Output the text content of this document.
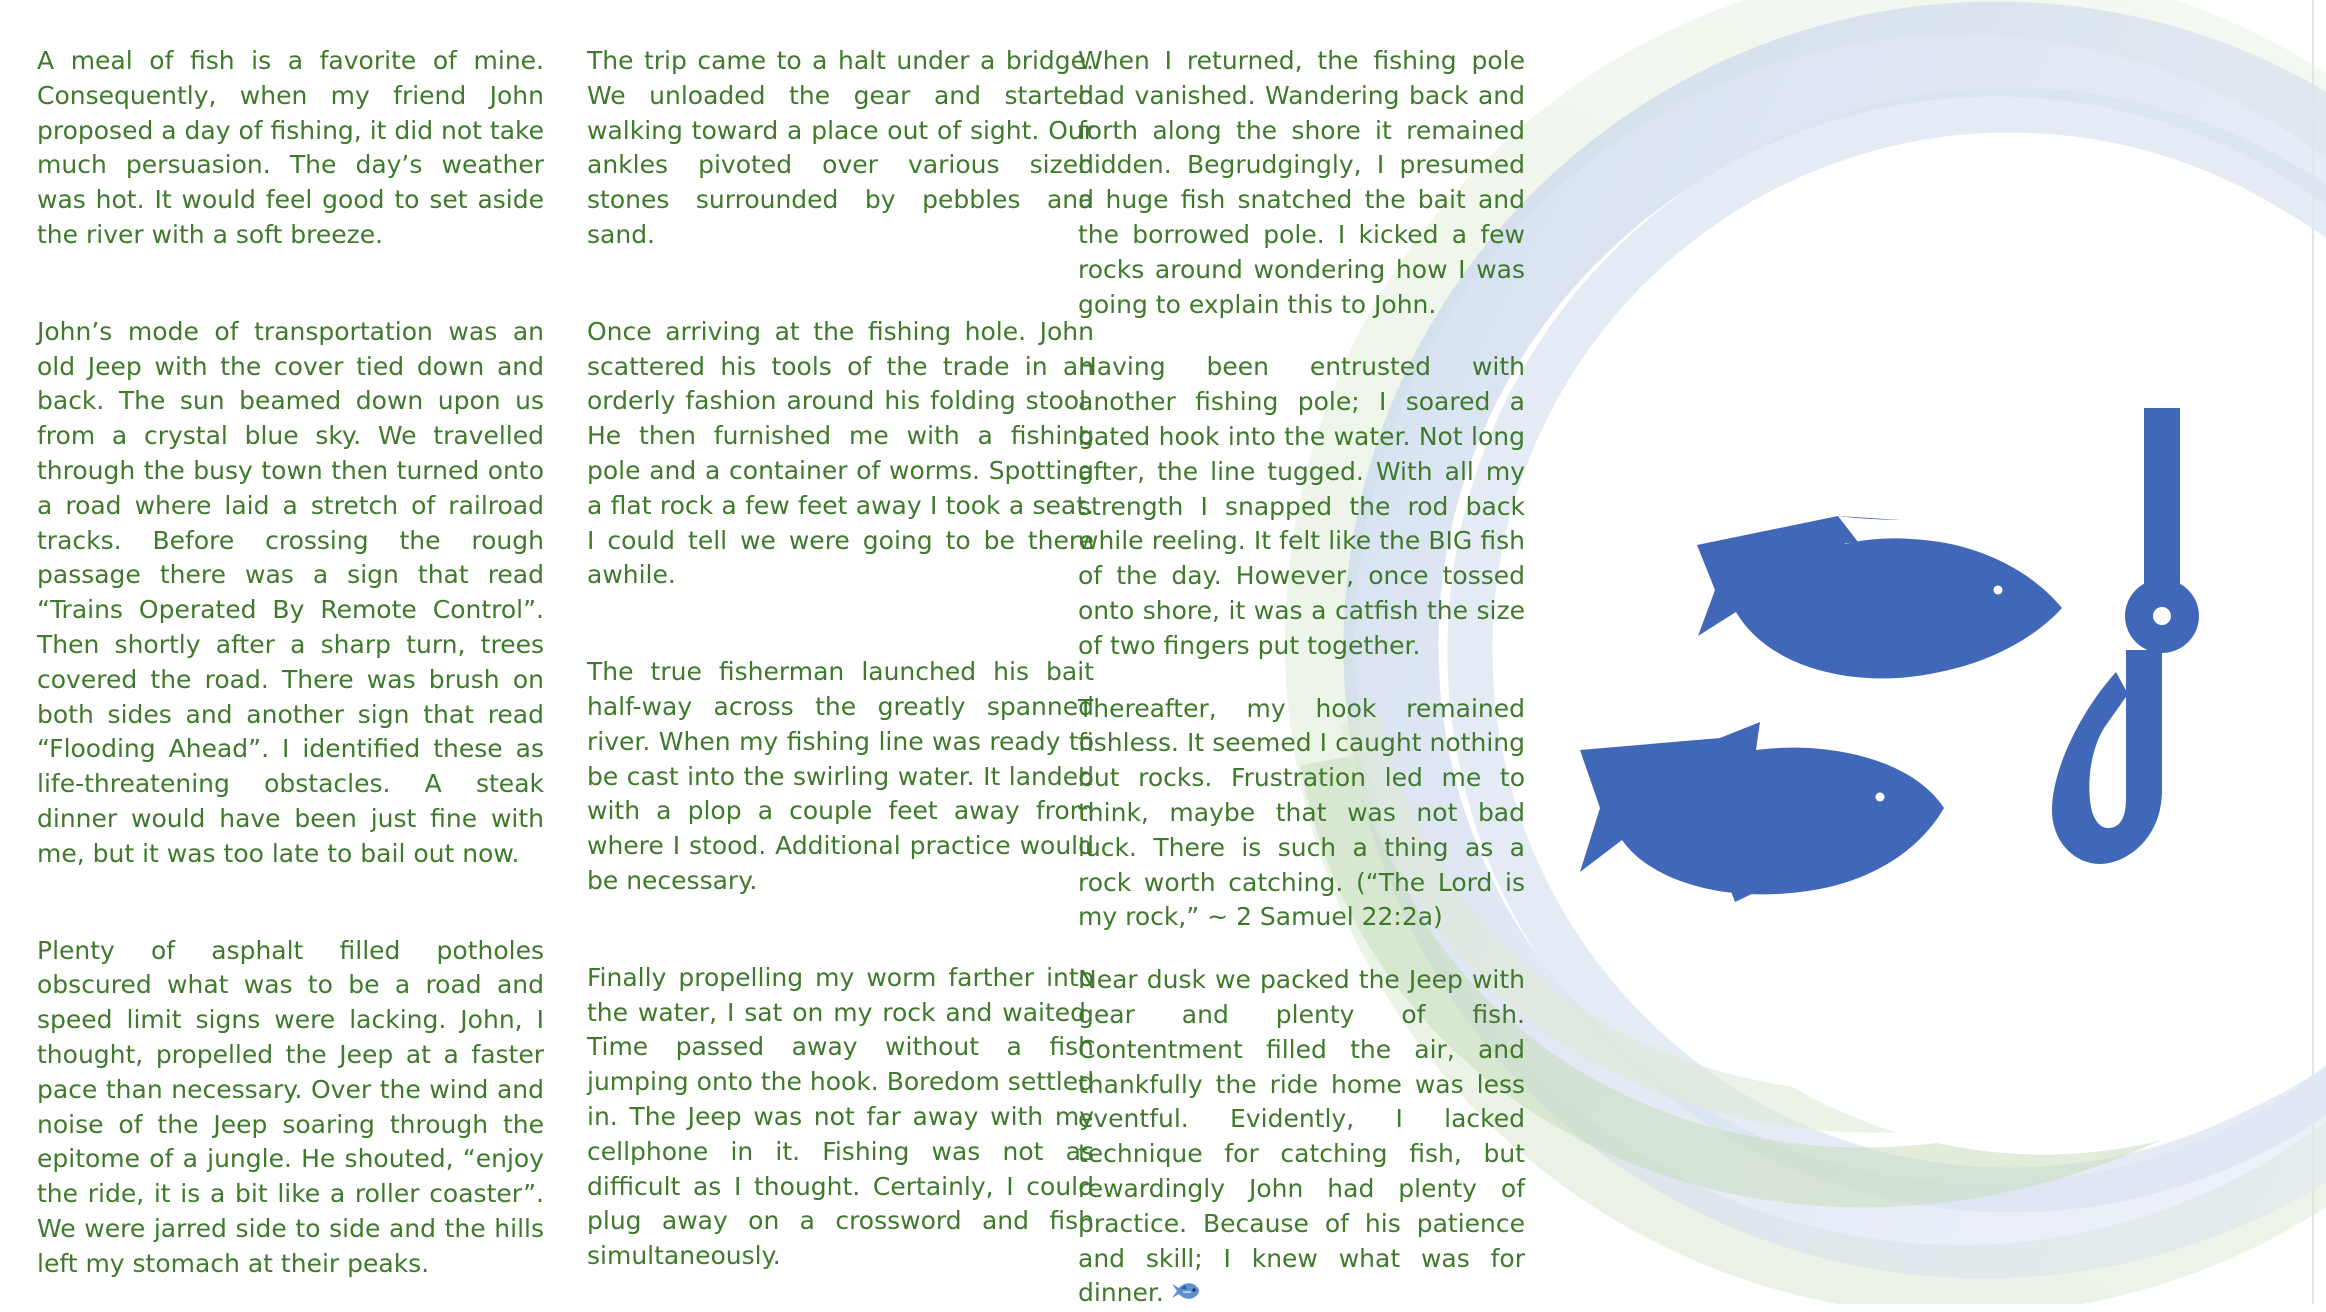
A meal of fish is a favorite of mine. Consequently, when my friend John proposed a day of fishing, it did not take much persuasion. The day’s weather was hot. It would feel good to set aside the river with a soft breeze.

John’s mode of transportation was an old Jeep with the cover tied down and back. The sun beamed down upon us from a crystal blue sky. We travelled through the busy town then turned onto a road where laid a stretch of railroad tracks. Before crossing the rough passage there was a sign that read “Trains Operated By Remote Control”. Then shortly after a sharp turn, trees covered the road. There was brush on both sides and another sign that read “Flooding Ahead”. I identified these as life-threatening obstacles. A steak dinner would have been just fine with me, but it was too late to bail out now.

Plenty of asphalt filled potholes obscured what was to be a road and speed limit signs were lacking. John, I thought, propelled the Jeep at a faster pace than necessary. Over the wind and noise of the Jeep soaring through the epitome of a jungle. He shouted, “enjoy the ride, it is a bit like a roller coaster”. We were jarred side to side and the hills left my stomach at their peaks.

The trip came to a halt under a bridge. We unloaded the gear and started walking toward a place out of sight. Our ankles pivoted over various sized stones surrounded by pebbles and sand.

Once arriving at the fishing hole. John scattered his tools of the trade in an orderly fashion around his folding stool. He then furnished me with a fishing pole and a container of worms. Spotting a flat rock a few feet away I took a seat. I could tell we were going to be there awhile.

The true fisherman launched his bait half-way across the greatly spanned river. When my fishing line was ready to be cast into the swirling water. It landed with a plop a couple feet away from where I stood. Additional practice would be necessary.

Finally propelling my worm farther into the water, I sat on my rock and waited. Time passed away without a fish jumping onto the hook. Boredom settled in. The Jeep was not far away with my cellphone in it. Fishing was not as difficult as I thought. Certainly, I could plug away on a crossword and fish simultaneously.

When I returned, the fishing pole had vanished. Wandering back and forth along the shore it remained hidden. Begrudgingly, I presumed a huge fish snatched the bait and the borrowed pole. I kicked a few rocks around wondering how I was going to explain this to John.

Having been entrusted with another fishing pole; I soared a bated hook into the water. Not long after, the line tugged. With all my strength I snapped the rod back while reeling. It felt like the BIG fish of the day. However, once tossed onto shore, it was a catfish the size of two fingers put together.

Thereafter, my hook remained fishless. It seemed I caught nothing but rocks. Frustration led me to think, maybe that was not bad luck. There is such a thing as a rock worth catching. (“The Lord is my rock,” ~ 2 Samuel 22:2a)

Near dusk we packed the Jeep with gear and plenty of fish. Contentment filled the air, and thankfully the ride home was less eventful. Evidently, I lacked technique for catching fish, but rewardingly John had plenty of practice. Because of his patience and skill; I knew what was for dinner.
